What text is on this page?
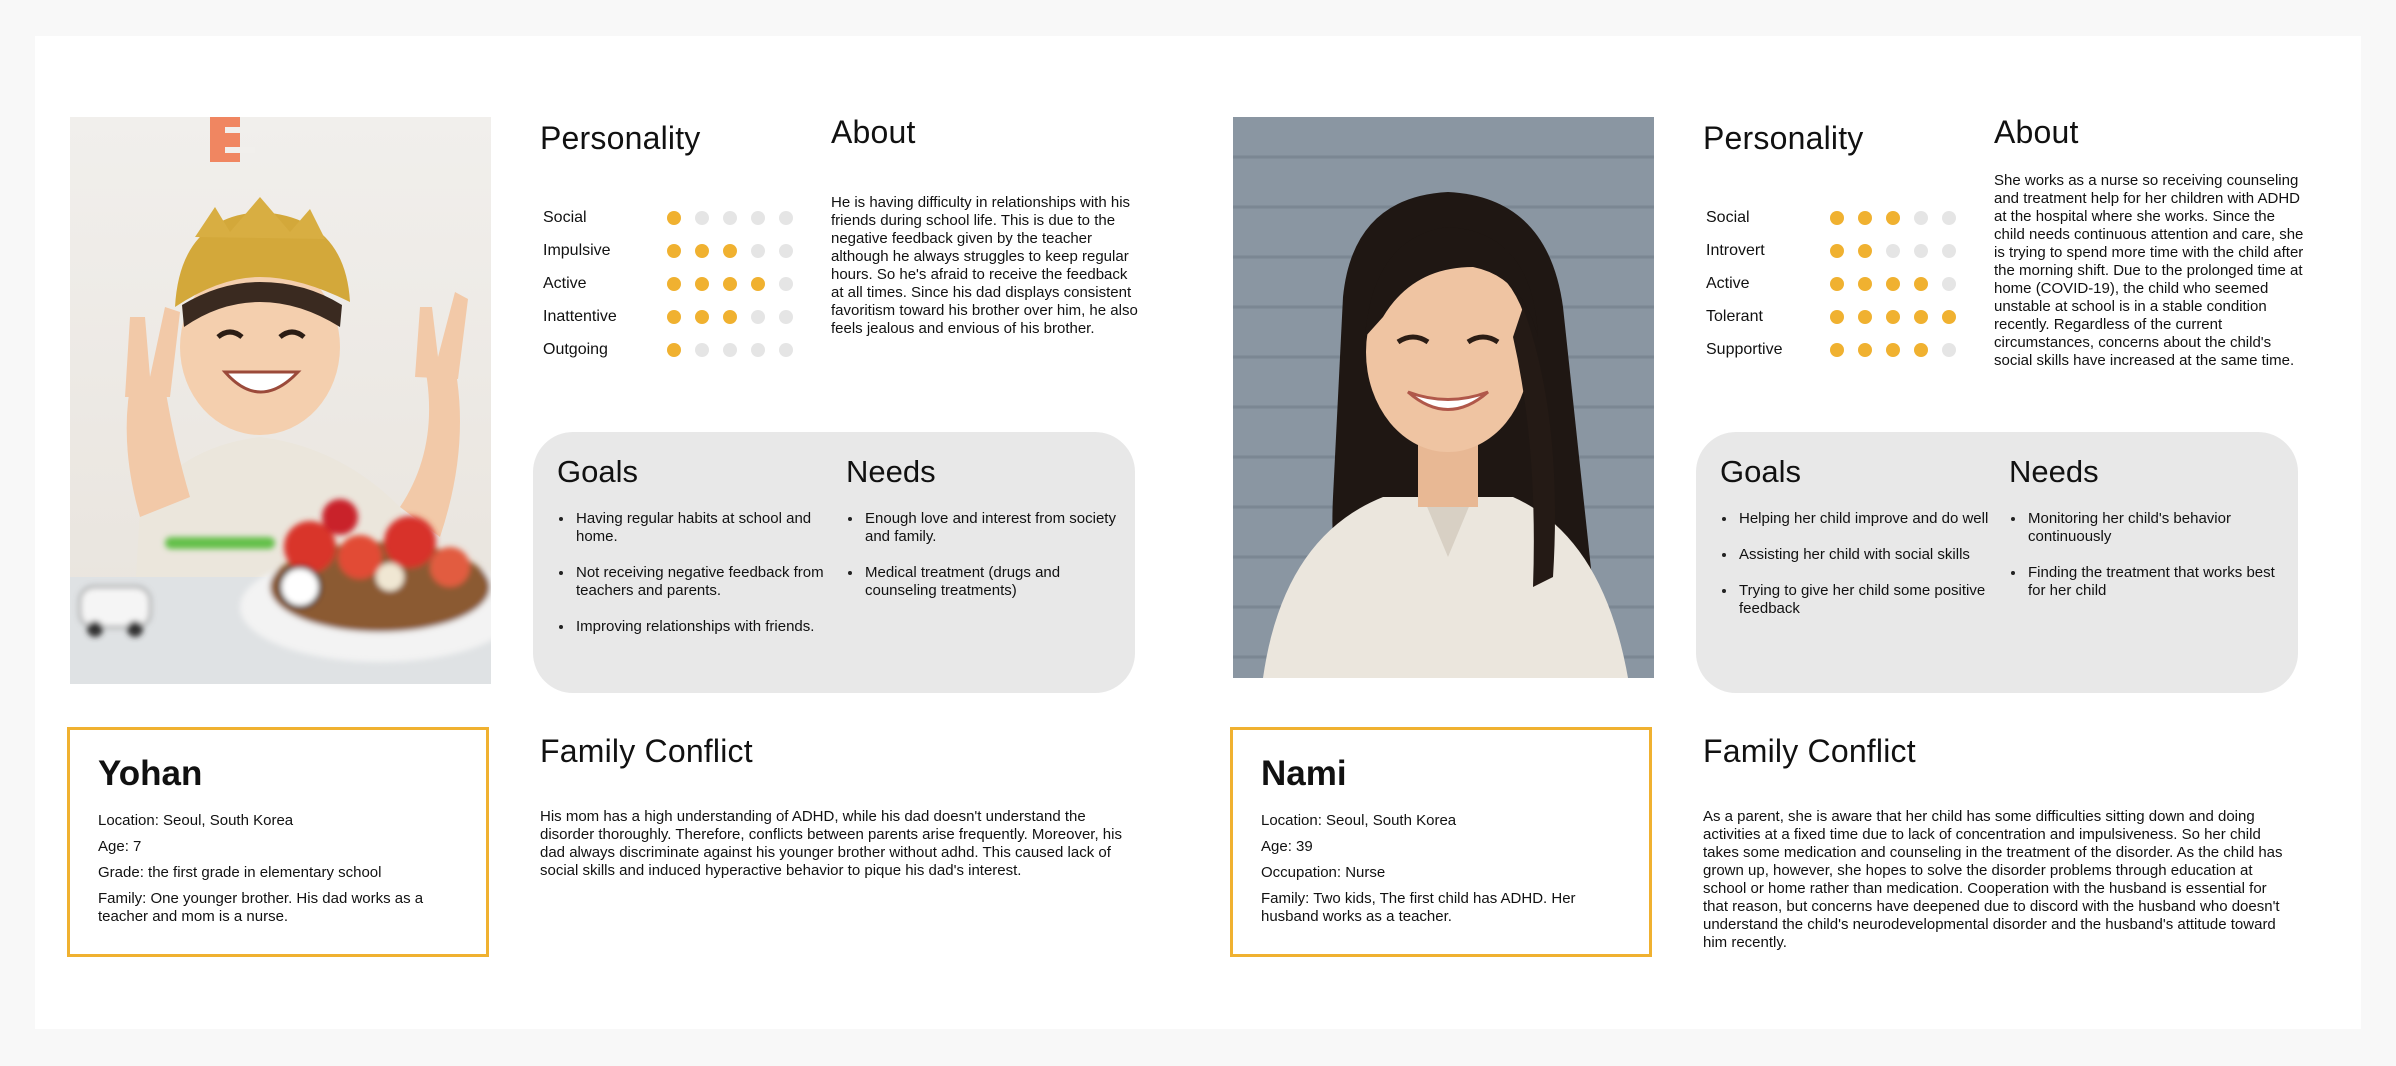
Personality
Social
Impulsive
Active
Inattentive
Outgoing
About

He is having difficulty in relationships with his friends during school life. This is due to the negative feedback given by the teacher although he always struggles to keep regular hours. So he's afraid to receive the feedback at all times. Since his dad displays consistent favoritism toward his brother over him, he also feels jealous and envious of his brother.

Goals
Having regular habits at school and home.
Not receiving negative feedback from teachers and parents.
Improving relationships with friends.
Needs
Enough love and interest from society and family.
Medical treatment (drugs and counseling treatments)
Yohan
Location: Seoul, South Korea
Age: 7
Grade: the first grade in elementary school
Family: One younger brother. His dad works as a teacher and mom is a nurse.
Family Conflict

His mom has a high understanding of ADHD, while his dad doesn't understand the disorder thoroughly. Therefore, conflicts between parents arise frequently. Moreover, his dad always discriminate against his younger brother without adhd. This caused lack of social skills and induced hyperactive behavior to pique his dad's interest.

Personality
Social
Introvert
Active
Tolerant
Supportive
About

She works as a nurse so receiving counseling and treatment help for her children with ADHD at the hospital where she works. Since the child needs continuous attention and care, she is trying to spend more time with the child after the morning shift. Due to the prolonged time at home (COVID-19), the child who seemed unstable at school is in a stable condition recently. Regardless of the current circumstances, concerns about the child's social skills have increased at the same time.

Goals
Helping her child improve and do well
Assisting her child with social skills
Trying to give her child some positive feedback
Needs
Monitoring her child's behavior continuously
Finding the treatment that works best for her child
Nami
Location: Seoul, South Korea
Age: 39
Occupation: Nurse
Family: Two kids, The first child has ADHD. Her husband works as a teacher.
Family Conflict

As a parent, she is aware that her child has some difficulties sitting down and doing activities at a fixed time due to lack of concentration and impulsiveness. So her child takes some medication and counseling in the treatment of the disorder. As the child has grown up, however, she hopes to solve the disorder problems through education at school or home rather than medication. Cooperation with the husband is essential for that reason, but concerns have deepened due to discord with the husband who doesn't understand the child's neurodevelopmental disorder and the husband's attitude toward him recently.
